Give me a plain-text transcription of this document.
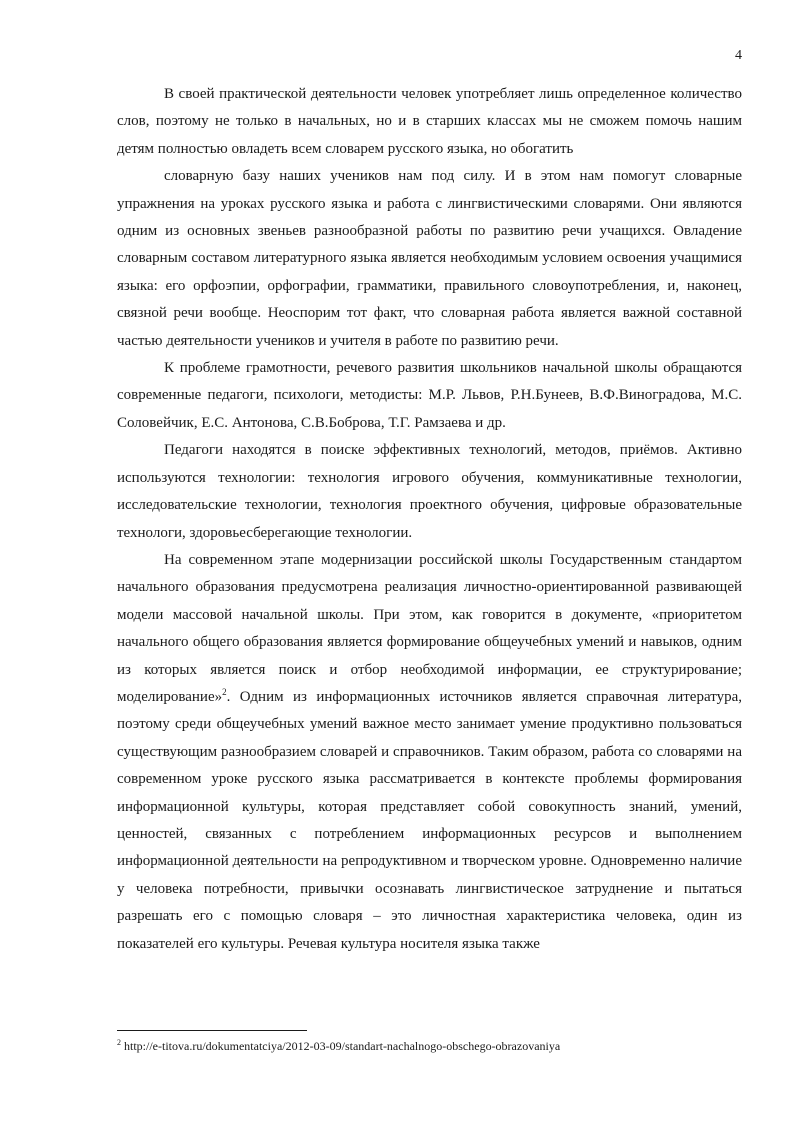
4

В своей практической деятельности человек употребляет лишь определенное количество слов, поэтому не только в начальных, но и в старших классах мы не сможем помочь нашим детям полностью овладеть всем словарем русского языка, но обогатить

словарную базу наших учеников нам под силу. И в этом нам помогут словарные упражнения на уроках русского языка и работа с лингвистическими словарями. Они являются одним из основных звеньев разнообразной работы по развитию речи учащихся. Овладение словарным составом литературного языка является необходимым условием освоения учащимися языка: его орфоэпии, орфографии, грамматики, правильного словоупотребления, и, наконец, связной речи вообще. Неоспорим тот факт, что словарная работа является важной составной частью деятельности учеников и учителя в работе по развитию речи.

К проблеме грамотности, речевого развития школьников начальной школы обращаются современные педагоги, психологи, методисты: М.Р. Львов, Р.Н.Бунеев, В.Ф.Виноградова, М.С. Соловейчик, Е.С. Антонова, С.В.Боброва, Т.Г. Рамзаева и др.

Педагоги находятся в поиске эффективных технологий, методов, приёмов. Активно используются технологии: технология игрового обучения, коммуникативные технологии, исследовательские технологии, технология проектного обучения, цифровые образовательные технологи, здоровьесберегающие технологии.

На современном этапе модернизации российской школы Государственным стандартом начального образования предусмотрена реализация личностно-ориентированной развивающей модели массовой начальной школы. При этом, как говорится в документе, «приоритетом начального общего образования является формирование общеучебных умений и навыков, одним из которых является поиск и отбор необходимой информации, ее структурирование; моделирование»$^2$. Одним из информационных источников является справочная литература, поэтому среди общеучебных умений важное место занимает умение продуктивно пользоваться существующим разнообразием словарей и справочников. Таким образом, работа со словарями на современном уроке русского языка рассматривается в контексте проблемы формирования информационной культуры, которая представляет собой совокупность знаний, умений, ценностей, связанных с потреблением информационных ресурсов и выполнением информационной деятельности на репродуктивном и творческом уровне. Одновременно наличие у человека потребности, привычки осознавать лингвистическое затруднение и пытаться разрешать его с помощью словаря – это личностная характеристика человека, один из показателей его культуры. Речевая культура носителя языка также

$^2$ http://e-titova.ru/dokumentatciya/2012-03-09/standart-nachalnogo-obschego-obrazovaniya
